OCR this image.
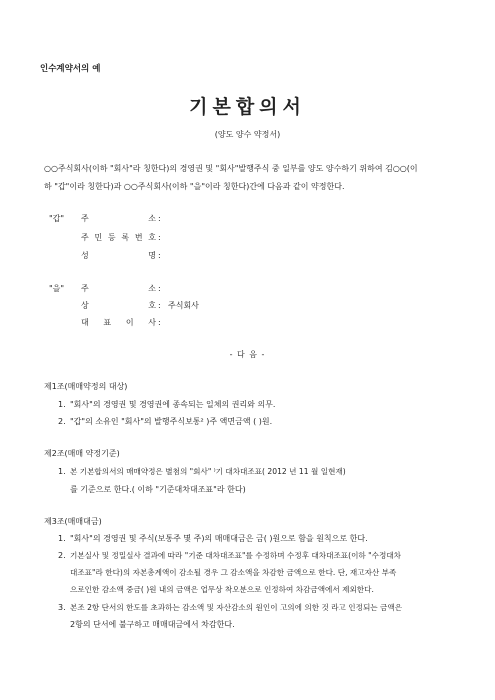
인수계약서의 예
기본합의서
(양도 양수 약정서)
○○주식회사(이하 "회사"라 칭한다)의 경영권 및 "회사"발행주식 중 일부를 양도 양수하기 위하여 김○○(이
하 "갑"이라 칭한다)과 ○○주식회사(이하 "을"이라 칭한다)간에 다음과 같이 약정한다.
"갑" 주	소 :
주 민 등 록 번 호 :
성	명 :
"을" 주	소 :
상	호 : 주식회사
대 표 이 사 :
- 다 음 -
제1조(매매약정의 대상)
1. "회사"의 경영권 및 경영권에 종속되는 일체의 권리와 의무.
2. "갑"의 소유인 "회사"의 발행주식보통² )주 액면금액 ( )원.
제2조(매매 약정기준)
1. 본 기본합의서의 매매약정은 별첨의 "회사" ⁾기 대차대조표( 2012 년 11 월 일현재)
를 기준으로 한다.( 이하 "기준대차대조표"라 한다)
제3조(매매대금)
1. "회사"의 경영권 및 주식(보통주 몇 주)의 매매대금은 금( )원으로 함을 원칙으로 한다.
2. 기본실사 및 정밀실사 결과에 따라 "기준 대차대조표"를 수정하며 수정후 대차대조표(이하 "수정대차
대조표"라 한다)의 자본총계액이 감소될 경우 그 감소액을 차감한 금액으로 한다. 단, 재고자산 부족
으로인한 감소액 중금( )원 내의 금액은 업무상 착오분으로 인정하여 차감금액에서 제외한다.
3. 본조 2항 단서의 한도를 초과하는 감소액 및 자산감소의 원인이 고의에 의한 것 라고 인정되는 금액은
2항의 단서에 불구하고 매매대금에서 차감한다.
